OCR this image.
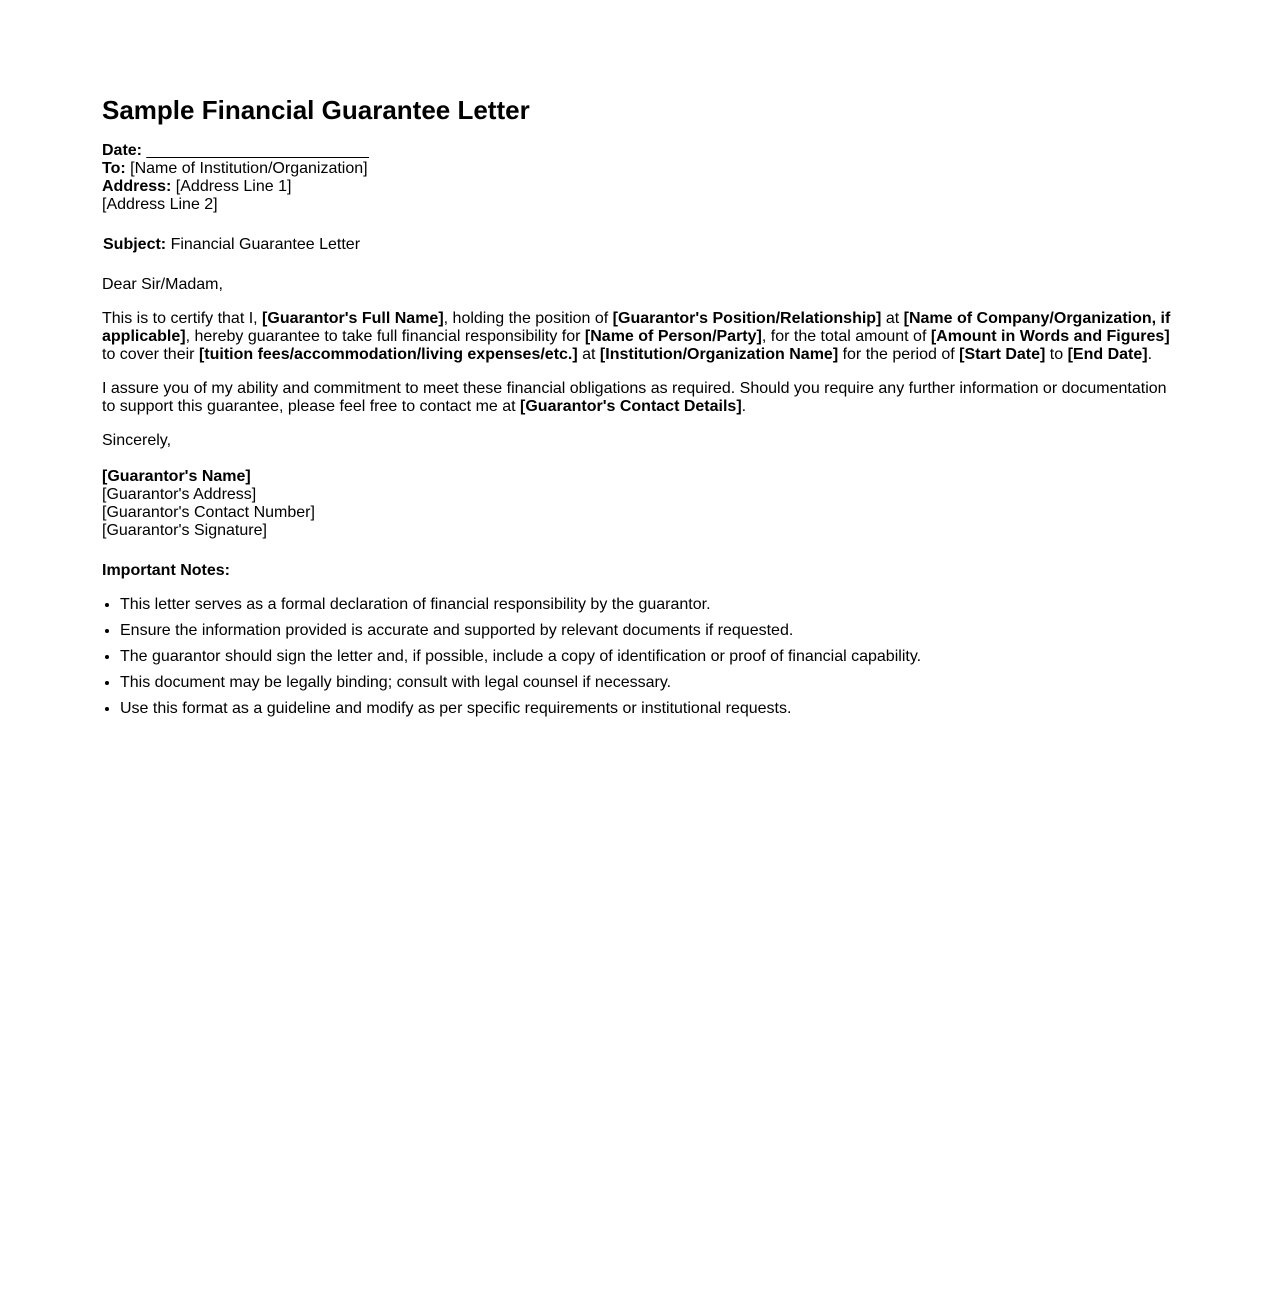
Sample Financial Guarantee Letter
Date: _________________________
To: [Name of Institution/Organization]
Address: [Address Line 1]
[Address Line 2]
Subject: Financial Guarantee Letter
Dear Sir/Madam,

This is to certify that I, [Guarantor's Full Name], holding the position of [Guarantor's Position/Relationship] at [Name of Company/Organization, if applicable], hereby guarantee to take full financial responsibility for [Name of Person/Party], for the total amount of [Amount in Words and Figures] to cover their [tuition fees/accommodation/living expenses/etc.] at [Institution/Organization Name] for the period of [Start Date] to [End Date].

I assure you of my ability and commitment to meet these financial obligations as required. Should you require any further information or documentation to support this guarantee, please feel free to contact me at [Guarantor's Contact Details].

Sincerely,
[Guarantor's Name]
[Guarantor's Address]
[Guarantor's Contact Number]
[Guarantor's Signature]
Important Notes:
• This letter serves as a formal declaration of financial responsibility by the guarantor.
• Ensure the information provided is accurate and supported by relevant documents if requested.
• The guarantor should sign the letter and, if possible, include a copy of identification or proof of financial capability.
• This document may be legally binding; consult with legal counsel if necessary.
• Use this format as a guideline and modify as per specific requirements or institutional requests.
